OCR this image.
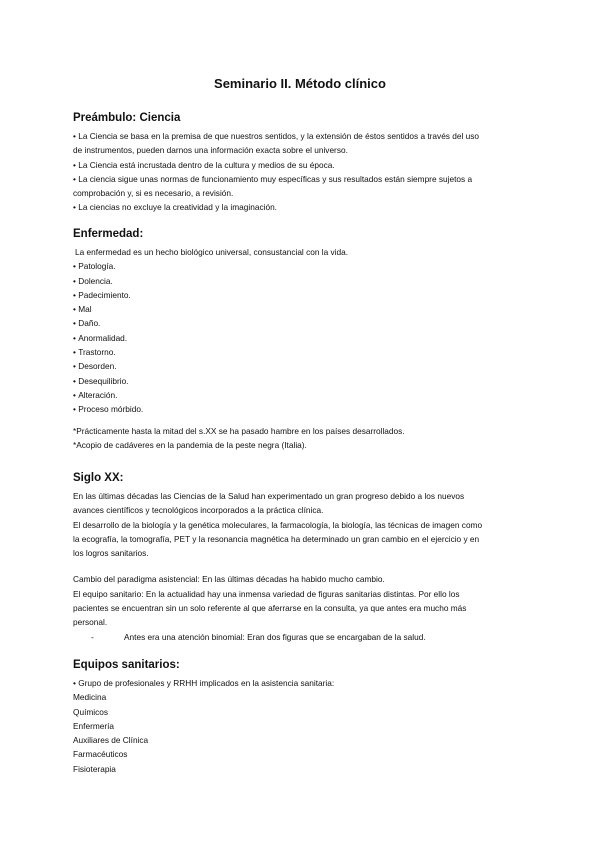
Seminario II. Método clínico

Preámbulo: Ciencia

• La Ciencia se basa en la premisa de que nuestros sentidos, y la extensión de éstos sentidos a través del uso

de instrumentos, pueden darnos una información exacta sobre el universo.

• La Ciencia está incrustada dentro de la cultura y medios de su época.

• La ciencia sigue unas normas de funcionamiento muy específicas y sus resultados están siempre sujetos a

comprobación y, si es necesario, a revisión.

• La ciencias no excluye la creatividad y la imaginación.

Enfermedad:

La enfermedad es un hecho biológico universal, consustancial con la vida.

• Patología.

• Dolencia.

• Padecimiento.

• Mal

• Daño.

• Anormalidad.

• Trastorno.

• Desorden.

• Desequilibrio.

• Alteración.

• Proceso mórbido.

*Prácticamente hasta la mitad del s.XX se ha pasado hambre en los países desarrollados.

*Acopio de cadáveres en la pandemia de la peste negra (Italia).

Siglo XX:

En las últimas décadas las Ciencias de la Salud han experimentado un gran progreso debido a los nuevos

avances científicos y tecnológicos incorporados a la práctica clínica.

El desarrollo de la biología y la genética moleculares, la farmacología, la biología, las técnicas de imagen como

la ecografía, la tomografía, PET y la resonancia magnética ha determinado un gran cambio en el ejercicio y en

los logros sanitarios.

Cambio del paradigma asistencial: En las últimas décadas ha habido mucho cambio.

El equipo sanitario: En la actualidad hay una inmensa variedad de figuras sanitarias distintas. Por ello los

pacientes se encuentran sin un solo referente al que aferrarse en la consulta, ya que antes era mucho más

personal.

-	Antes era una atención binomial: Eran dos figuras que se encargaban de la salud.

Equipos sanitarios:

• Grupo de profesionales y RRHH implicados en la asistencia sanitaria:

Medicina

Químicos

Enfermería

Auxiliares de Clínica

Farmacéuticos

Fisioterapia
